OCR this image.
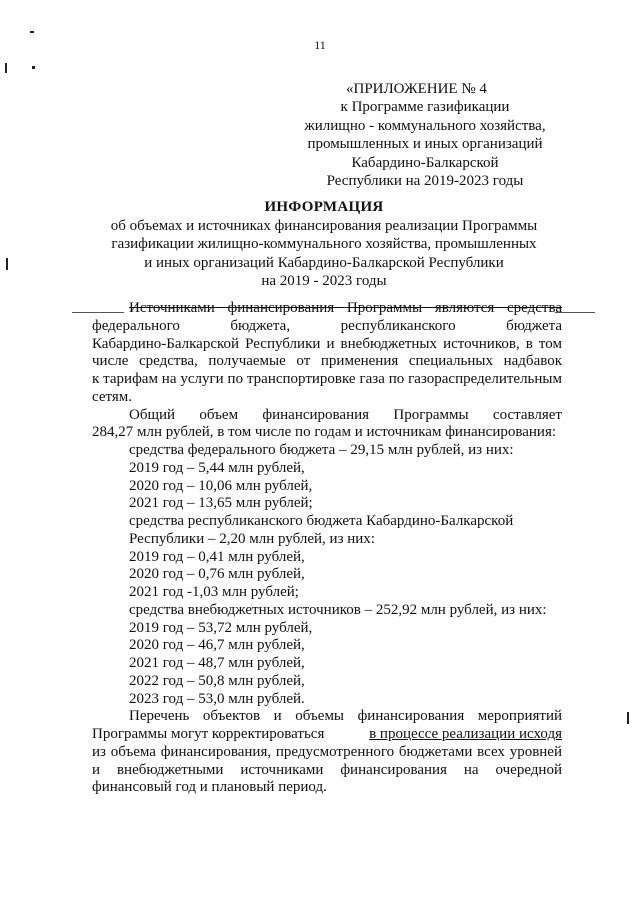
11
«ПРИЛОЖЕНИЕ № 4
к Программе газификации
жилищно - коммунального хозяйства,
промышленных и иных организаций
Кабардино-Балкарской
Республики на 2019-2023 годы
ИНФОРМАЦИЯ
об объемах и источниках финансирования реализации Программы
газификации жилищно-коммунального хозяйства, промышленных
и иных организаций Кабардино-Балкарской Республики
на 2019 - 2023 годы
Источниками финансирования Программы являются средства
федерального бюджета, республиканского бюджета
Кабардино-Балкарской Республики и внебюджетных источников, в том
числе средства, получаемые от применения специальных надбавок
к тарифам на услуги по транспортировке газа по газораспределительным
сетям.
Общий объем финансирования Программы составляет
284,27 млн рублей, в том числе по годам и источникам финансирования:
средства федерального бюджета – 29,15 млн рублей, из них:
2019 год – 5,44 млн рублей,
2020 год – 10,06 млн рублей,
2021 год – 13,65 млн рублей;
средства республиканского бюджета Кабардино-Балкарской
Республики – 2,20 млн рублей, из них:
2019 год – 0,41 млн рублей,
2020 год – 0,76 млн рублей,
2021 год -1,03 млн рублей;
средства внебюджетных источников – 252,92 млн рублей, из них:
2019 год – 53,72 млн рублей,
2020 год – 46,7 млн рублей,
2021 год – 48,7 млн рублей,
2022 год – 50,8 млн рублей,
2023 год – 53,0 млн рублей.
Перечень объектов и объемы финансирования мероприятий
Программы могут корректироваться	в процессе реализации исходя
из объема финансирования, предусмотренного бюджетами всех уровней
и внебюджетными источниками финансирования на очередной
финансовый год и плановый период.
